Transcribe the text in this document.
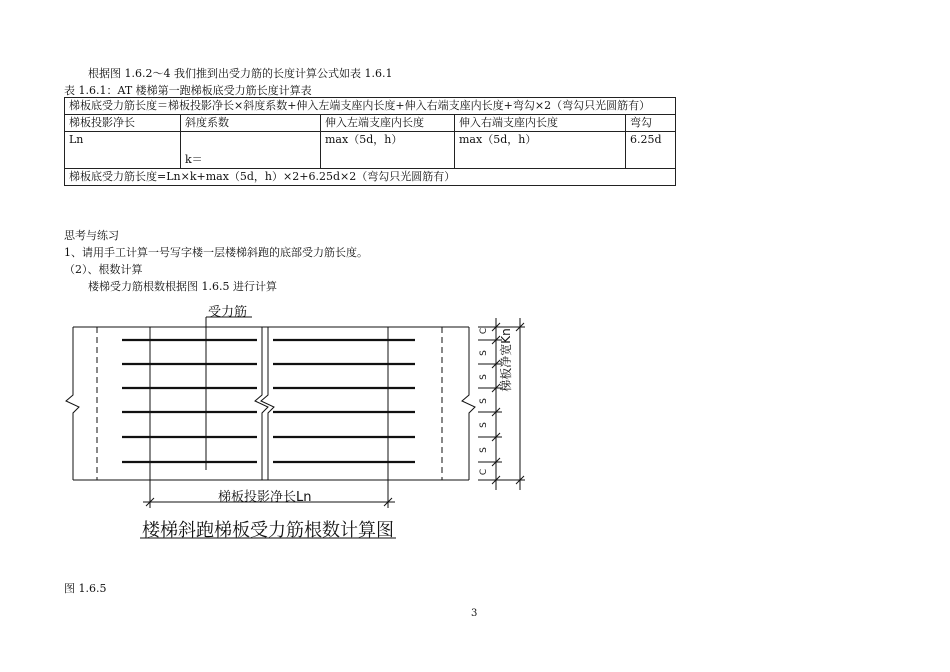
根据图 1.6.2～4 我们推到出受力筋的长度计算公式如表 1.6.1
表 1.6.1：AT 楼梯第一跑梯板底受力筋长度计算表
梯板底受力筋长度＝梯板投影净长×斜度系数+伸入左端支座内长度+伸入右端支座内长度+弯勾×2（弯勾只光圆筋有）				
梯板投影净长	斜度系数	伸入左端支座内长度	伸入右端支座内长度	弯勾
Ln	k＝	max（5d，h）	max（5d，h）	6.25d
梯板底受力筋长度=Ln×k+max（5d，h）×2+6.25d×2（弯勾只光圆筋有）				
思考与练习
1、请用手工计算一号写字楼一层楼梯斜跑的底部受力筋长度。
（2）、根数计算
楼梯受力筋根数根据图 1.6.5 进行计算
受力筋
梯板投影净长Ln
梯板净宽Kn
C
S
S
S
S
S
C
楼梯斜跑梯板受力筋根数计算图
图 1.6.5
3
